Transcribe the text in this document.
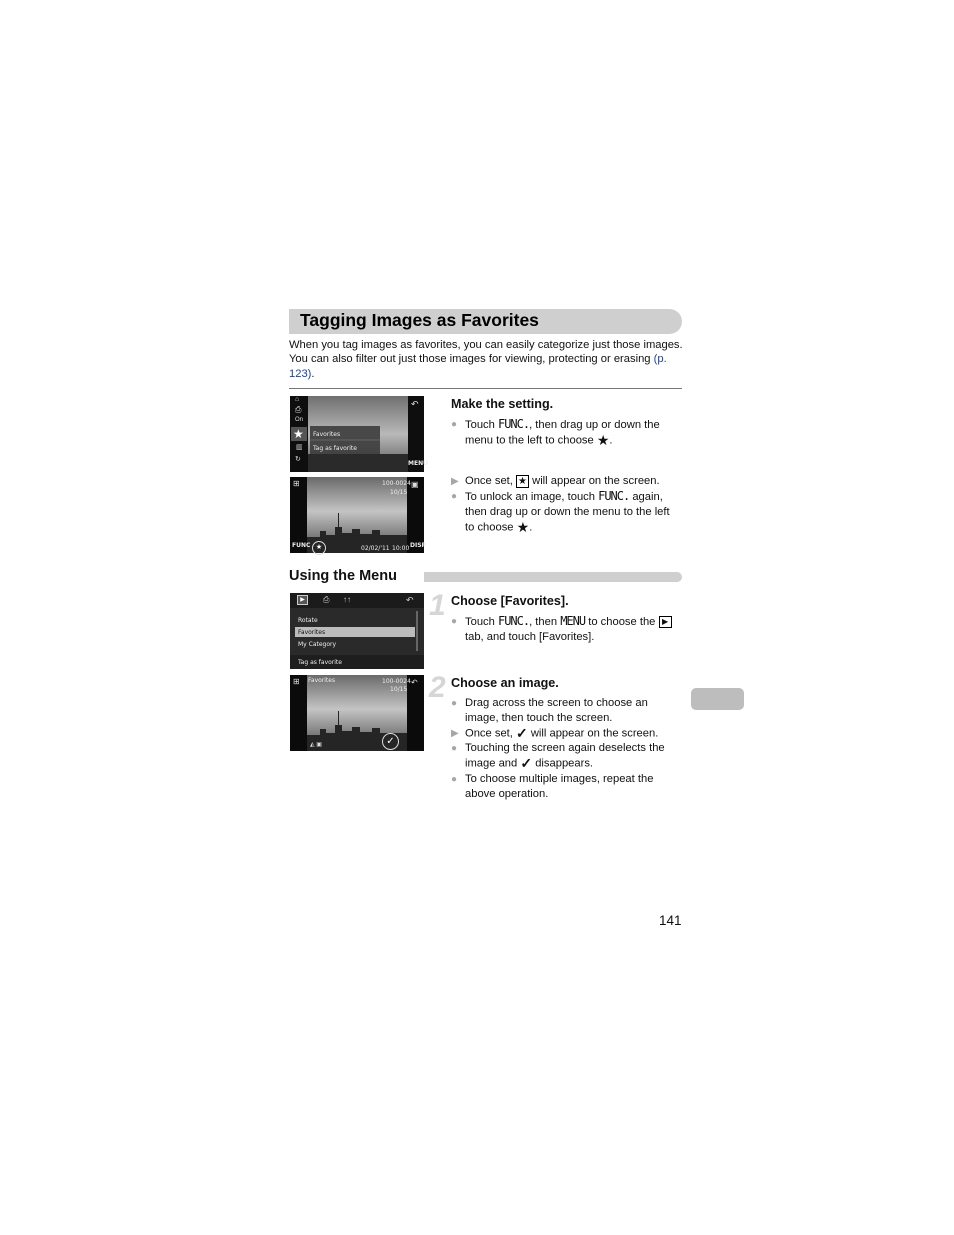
Tagging Images as Favorites
When you tag images as favorites, you can easily categorize just those images. You can also filter out just those images for viewing, protecting or erasing (p. 123).
⌂
⎙
On
★
▥
↻
Favorites
Tag as favorite
↶
MENU
⊞	100-0024
10/15
▣
FUNC	02/02/'11 10:00 DISP
★
Make the setting.
● Touch FUNC., then drag up or down the menu to the left to choose ★.
▶ Once set, ★ will appear on the screen.
● To unlock an image, touch FUNC. again, then drag up or down the menu to the left to choose ★.
Using the Menu
▶	⎙ ↑↑	↶
Rotate
Favorites
My Category
Tag as favorite
⊞ Favorites	100-0024
10/15
↶
✓
◭ ▣
1 Choose [Favorites].
● Touch FUNC., then MENU to choose the ▶ tab, and touch [Favorites].
2 Choose an image.
● Drag across the screen to choose an image, then touch the screen.
▶ Once set, ✓ will appear on the screen.
● Touching the screen again deselects the image and ✓ disappears.
● To choose multiple images, repeat the above operation.
141
